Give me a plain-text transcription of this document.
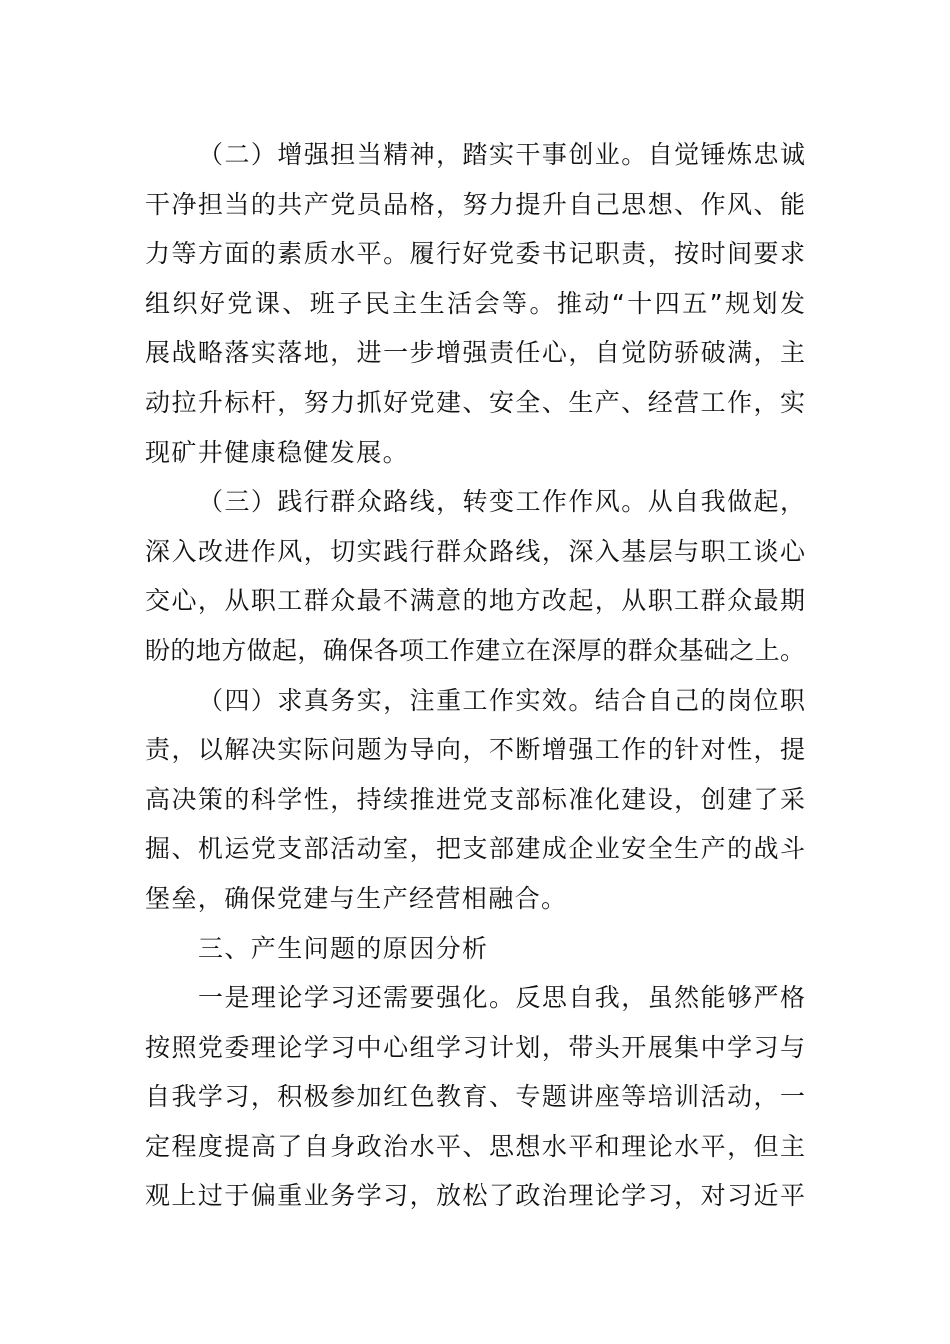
（二）增强担当精神，踏实干事创业。自觉锤炼忠诚
干净担当的共产党员品格，努力提升自己思想、作风、能
力等方面的素质水平。履行好党委书记职责，按时间要求
组织好党课、班子民主生活会等。推动“十四五”规划发
展战略落实落地，进一步增强责任心，自觉防骄破满，主
动拉升标杆，努力抓好党建、安全、生产、经营工作，实
现矿井健康稳健发展。
（三）践行群众路线，转变工作作风。从自我做起，
深入改进作风，切实践行群众路线，深入基层与职工谈心
交心，从职工群众最不满意的地方改起，从职工群众最期
盼的地方做起，确保各项工作建立在深厚的群众基础之上。
（四）求真务实，注重工作实效。结合自己的岗位职
责，以解决实际问题为导向，不断增强工作的针对性，提
高决策的科学性，持续推进党支部标准化建设，创建了采
掘、机运党支部活动室，把支部建成企业安全生产的战斗
堡垒，确保党建与生产经营相融合。
三、产生问题的原因分析
一是理论学习还需要强化。反思自我，虽然能够严格
按照党委理论学习中心组学习计划，带头开展集中学习与
自我学习，积极参加红色教育、专题讲座等培训活动，一
定程度提高了自身政治水平、思想水平和理论水平，但主
观上过于偏重业务学习，放松了政治理论学习，对习近平
